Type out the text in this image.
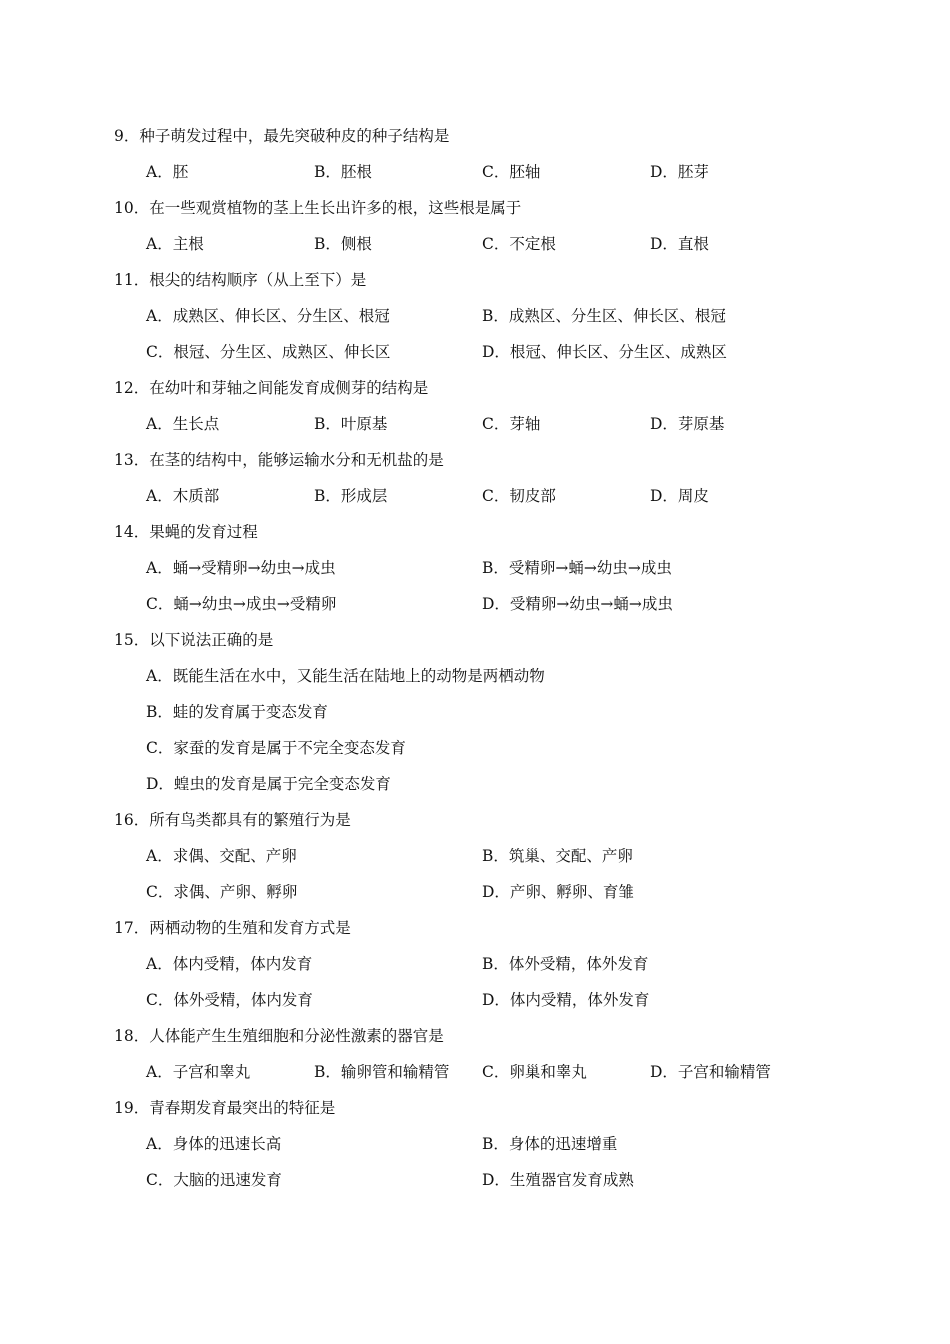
9．种子萌发过程中，最先突破种皮的种子结构是
A．胚	B．胚根	C．胚轴	D．胚芽
10．在一些观赏植物的茎上生长出许多的根，这些根是属于
A．主根	B．侧根	C．不定根	D．直根
11．根尖的结构顺序（从上至下）是
A．成熟区、伸长区、分生区、根冠	B．成熟区、分生区、伸长区、根冠
C．根冠、分生区、成熟区、伸长区	D．根冠、伸长区、分生区、成熟区
12．在幼叶和芽轴之间能发育成侧芽的结构是
A．生长点	B．叶原基	C．芽轴	D．芽原基
13．在茎的结构中，能够运输水分和无机盐的是
A．木质部	B．形成层	C．韧皮部	D．周皮
14．果蝇的发育过程
A．蛹→受精卵→幼虫→成虫	B．受精卵→蛹→幼虫→成虫
C．蛹→幼虫→成虫→受精卵	D．受精卵→幼虫→蛹→成虫
15．以下说法正确的是
A．既能生活在水中，又能生活在陆地上的动物是两栖动物
B．蛙的发育属于变态发育
C．家蚕的发育是属于不完全变态发育
D．蝗虫的发育是属于完全变态发育
16．所有鸟类都具有的繁殖行为是
A．求偶、交配、产卵	B．筑巢、交配、产卵
C．求偶、产卵、孵卵	D．产卵、孵卵、育雏
17．两栖动物的生殖和发育方式是
A．体内受精，体内发育	B．体外受精，体外发育
C．体外受精，体内发育	D．体内受精，体外发育
18．人体能产生生殖细胞和分泌性激素的器官是
A．子宫和睾丸	B．输卵管和输精管 C．卵巢和睾丸	D．子宫和输精管
19．青春期发育最突出的特征是
A．身体的迅速长高	B．身体的迅速增重
C．大脑的迅速发育	D．生殖器官发育成熟
